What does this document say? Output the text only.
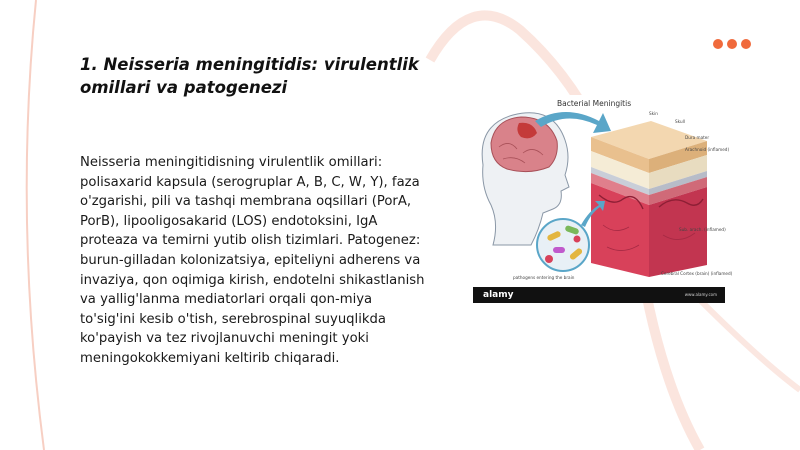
1. Neisseria meningitidis: virulentlik omillari va patogenezi

Neisseria meningitidisning virulentlik omillari: polisaxarid kapsula (serogruplar A, B, C, W, Y), faza o'zgarishi, pili va tashqi membrana oqsillari (PorA, PorB), lipooligosakarid (LOS) endotoksini, IgA proteaza va temirni yutib olish tizimlari. Patogenez: burun-gilladan kolonizatsiya, epiteliyni adherens va invaziya, qon oqimiga kirish, endotelni shikastlanish va yallig'lanma mediatorlari orqali qon-miya to'sig'ini kesib o'tish, serebrospinal suyuqlikda ko'payish va tez rivojlanuvchi meningit yoki meningokokkemiyani keltirib chiqaradi.

Bacterial Meningitis
Skin
Skull
Dura mater
Arachnoid (inflamed)
Sub. arach. (inflamed)
Cerebral Cortex (brain) (inflamed)
pathogens entering the brain
alamy	www.alamy.com
